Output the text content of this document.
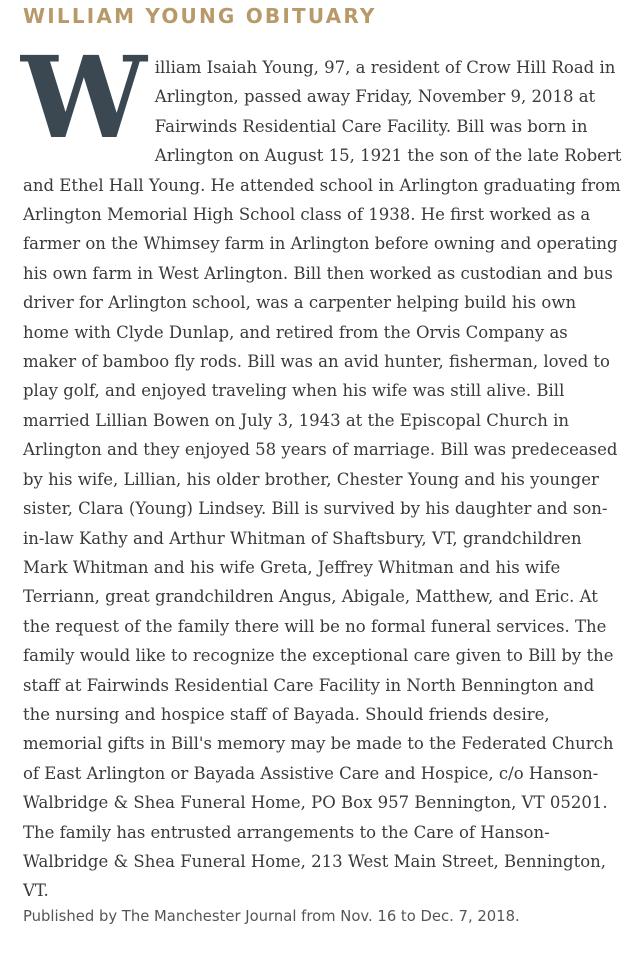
WILLIAM YOUNG OBITUARY
William Isaiah Young, 97, a resident of Crow Hill Road in Arlington, passed away Friday, November 9, 2018 at Fairwinds Residential Care Facility. Bill was born in Arlington on August 15, 1921 the son of the late Robert and Ethel Hall Young. He attended school in Arlington graduating from Arlington Memorial High School class of 1938. He first worked as a farmer on the Whimsey farm in Arlington before owning and operating his own farm in West Arlington. Bill then worked as custodian and bus driver for Arlington school, was a carpenter helping build his own home with Clyde Dunlap, and retired from the Orvis Company as maker of bamboo fly rods. Bill was an avid hunter, fisherman, loved to play golf, and enjoyed traveling when his wife was still alive. Bill married Lillian Bowen on July 3, 1943 at the Episcopal Church in Arlington and they enjoyed 58 years of marriage. Bill was predeceased by his wife, Lillian, his older brother, Chester Young and his younger sister, Clara (Young) Lindsey. Bill is survived by his daughter and son-in-law Kathy and Arthur Whitman of Shaftsbury, VT, grandchildren Mark Whitman and his wife Greta, Jeffrey Whitman and his wife Terriann, great grandchildren Angus, Abigale, Matthew, and Eric. At the request of the family there will be no formal funeral services. The family would like to recognize the exceptional care given to Bill by the staff at Fairwinds Residential Care Facility in North Bennington and the nursing and hospice staff of Bayada. Should friends desire, memorial gifts in Bill's memory may be made to the Federated Church of East Arlington or Bayada Assistive Care and Hospice, c/o Hanson-Walbridge & Shea Funeral Home, PO Box 957 Bennington, VT 05201. The family has entrusted arrangements to the Care of Hanson-Walbridge & Shea Funeral Home, 213 West Main Street, Bennington, VT.

Published by The Manchester Journal from Nov. 16 to Dec. 7, 2018.
